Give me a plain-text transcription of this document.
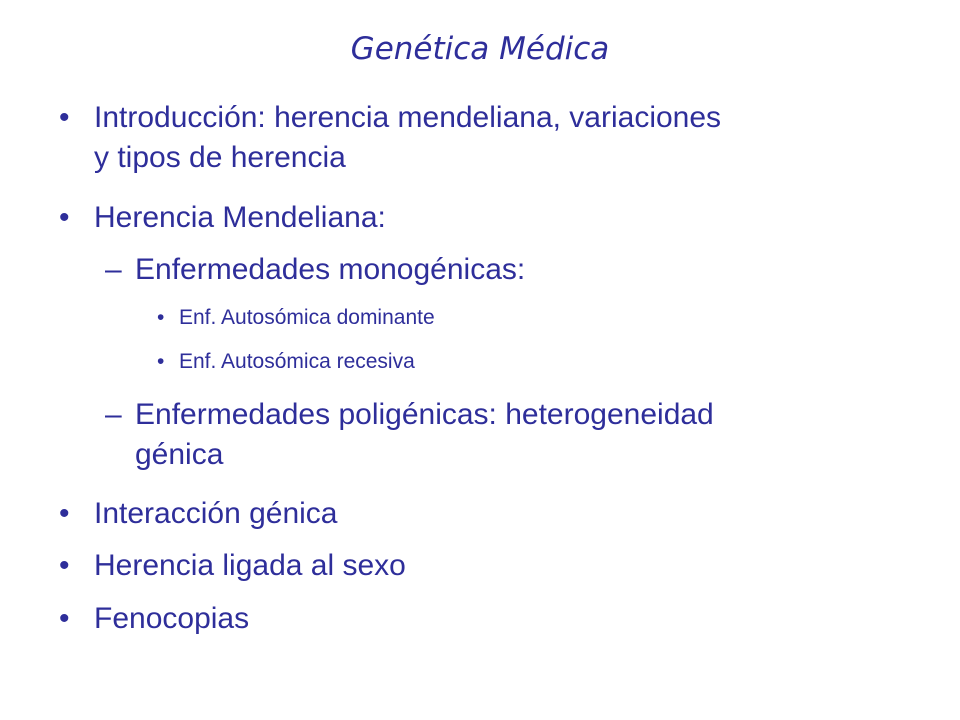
Genética Médica
• Introducción: herencia mendeliana, variaciones
y tipos de herencia
• Herencia Mendeliana:
– Enfermedades monogénicas:
• Enf. Autosómica dominante
• Enf. Autosómica recesiva
– Enfermedades poligénicas: heterogeneidad
génica
• Interacción génica
• Herencia ligada al sexo
• Fenocopias
